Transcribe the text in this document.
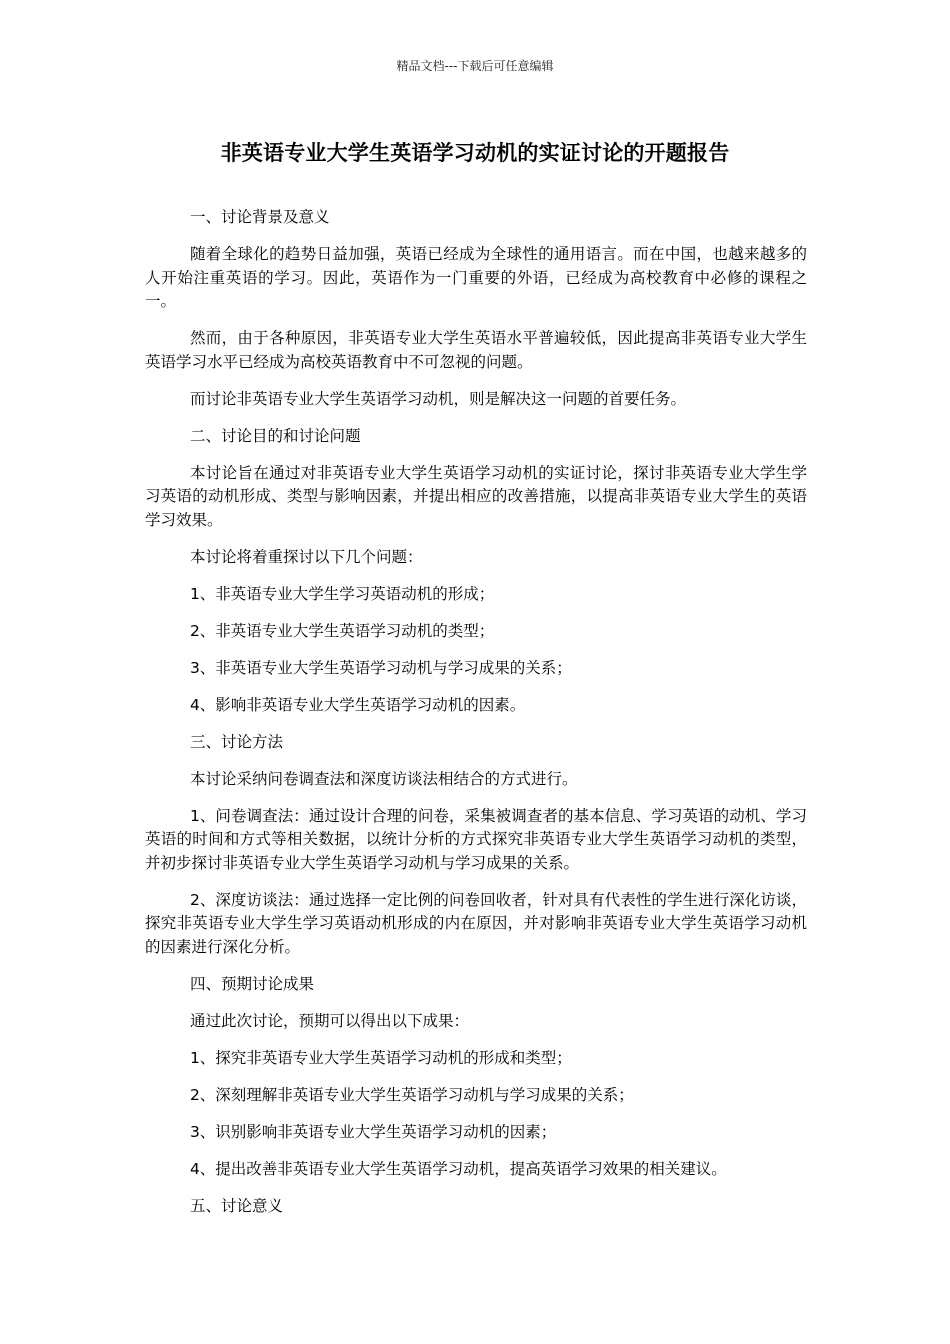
精品文档---下载后可任意编辑
非英语专业大学生英语学习动机的实证讨论的开题报告

一、讨论背景及意义

随着全球化的趋势日益加强，英语已经成为全球性的通用语言。而在中国，也越来越多的人开始注重英语的学习。因此，英语作为一门重要的外语，已经成为高校教育中必修的课程之一。

然而，由于各种原因，非英语专业大学生英语水平普遍较低，因此提高非英语专业大学生英语学习水平已经成为高校英语教育中不可忽视的问题。

而讨论非英语专业大学生英语学习动机，则是解决这一问题的首要任务。

二、讨论目的和讨论问题

本讨论旨在通过对非英语专业大学生英语学习动机的实证讨论，探讨非英语专业大学生学习英语的动机形成、类型与影响因素，并提出相应的改善措施，以提高非英语专业大学生的英语学习效果。

本讨论将着重探讨以下几个问题：

1、非英语专业大学生学习英语动机的形成；

2、非英语专业大学生英语学习动机的类型；

3、非英语专业大学生英语学习动机与学习成果的关系；

4、影响非英语专业大学生英语学习动机的因素。

三、讨论方法

本讨论采纳问卷调查法和深度访谈法相结合的方式进行。

1、问卷调查法：通过设计合理的问卷，采集被调查者的基本信息、学习英语的动机、学习英语的时间和方式等相关数据，以统计分析的方式探究非英语专业大学生英语学习动机的类型，并初步探讨非英语专业大学生英语学习动机与学习成果的关系。

2、深度访谈法：通过选择一定比例的问卷回收者，针对具有代表性的学生进行深化访谈，探究非英语专业大学生学习英语动机形成的内在原因，并对影响非英语专业大学生英语学习动机的因素进行深化分析。

四、预期讨论成果

通过此次讨论，预期可以得出以下成果：

1、探究非英语专业大学生英语学习动机的形成和类型；

2、深刻理解非英语专业大学生英语学习动机与学习成果的关系；

3、识别影响非英语专业大学生英语学习动机的因素；

4、提出改善非英语专业大学生英语学习动机，提高英语学习效果的相关建议。

五、讨论意义
